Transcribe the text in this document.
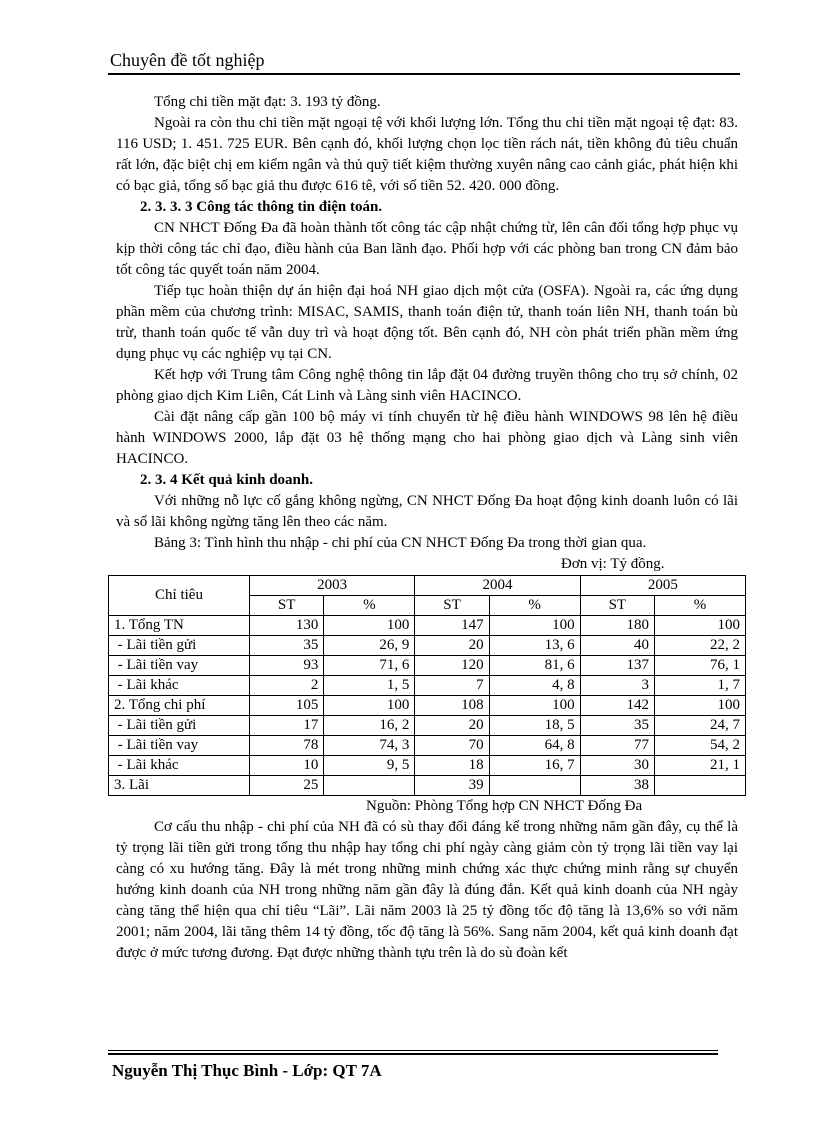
Chuyên đề tốt nghiệp

Tổng chi tiền mặt đạt: 3. 193 tỷ đồng.

Ngoài ra còn thu chi tiền mặt ngoại tệ với khối lượng lớn. Tổng thu chi tiền mặt ngoại tệ đạt: 83. 116 USD; 1. 451. 725 EUR. Bên cạnh đó, khối lượng chọn lọc tiền rách nát, tiền không đủ tiêu chuẩn rất lớn, đặc biệt chị em kiểm ngân và thủ quỹ tiết kiệm thường xuyên nâng cao cảnh giác, phát hiện khi có bạc giả, tổng số bạc giả thu được 616 tê, với số tiền 52. 420. 000 đồng.

2. 3. 3. 3 Công tác thông tin điện toán.

CN NHCT Đống Đa đã hoàn thành tốt công tác cập nhật chứng từ, lên cân đối tổng hợp phục vụ kịp thời công tác chỉ đạo, điều hành của Ban lãnh đạo. Phối hợp với các phòng ban trong CN đảm bảo tốt công tác quyết toán năm 2004.

Tiếp tục hoàn thiện dự án hiện đại hoá NH giao dịch một cửa (OSFA). Ngoài ra, các ứng dụng phần mềm của chương trình: MISAC, SAMIS, thanh toán điện tử, thanh toán liên NH, thanh toán bù trừ, thanh toán quốc tế vẫn duy trì và hoạt động tốt. Bên cạnh đó, NH còn phát triển phần mềm ứng dụng phục vụ các nghiệp vụ tại CN.

Kết hợp với Trung tâm Công nghệ thông tin lắp đặt 04 đường truyền thông cho trụ sở chính, 02 phòng giao dịch Kim Liên, Cát Linh và Làng sinh viên HACINCO.

Cài đặt nâng cấp gần 100 bộ máy vi tính chuyển từ hệ điều hành WINDOWS 98 lên hệ điều hành WINDOWS 2000, lắp đặt 03 hệ thống mạng cho hai phòng giao dịch và Làng sinh viên HACINCO.

2. 3. 4 Kết quả kinh doanh.

Với những nỗ lực cố gắng không ngừng, CN NHCT Đống Đa hoạt động kinh doanh luôn có lãi và số lãi không ngừng tăng lên theo các năm.

Bảng 3: Tình hình thu nhập - chi phí của CN NHCT Đống Đa trong thời gian qua.

Đơn vị: Tỷ đồng.

Chỉ tiêu	2003		2004		2005	
	ST	%	ST	%	ST	%
1. Tổng TN	130	100	147	100	180	100
- Lãi tiền gửi	35	26, 9	20	13, 6	40	22, 2
- Lãi tiền vay	93	71, 6	120	81, 6	137	76, 1
- Lãi khác	2	1, 5	7	4, 8	3	1, 7
2. Tổng chi phí	105	100	108	100	142	100
- Lãi tiền gửi	17	16, 2	20	18, 5	35	24, 7
- Lãi tiền vay	78	74, 3	70	64, 8	77	54, 2
- Lãi khác	10	9, 5	18	16, 7	30	21, 1
3. Lãi	25		39		38	

Nguồn: Phòng Tổng hợp CN NHCT Đống Đa

Cơ cấu thu nhập - chi phí của NH đã có sù thay đổi đáng kể trong những năm gần đây, cụ thể là tỷ trọng lãi tiền gửi trong tổng thu nhập hay tổng chi phí ngày càng giảm còn tỷ trọng lãi tiền vay lại càng có xu hướng tăng. Đây là mét trong những minh chứng xác thực chứng minh rằng sự chuyển hướng kinh doanh của NH trong những năm gần đây là đúng đắn. Kết quả kinh doanh của NH ngày càng tăng thể hiện qua chỉ tiêu “Lãi”. Lãi năm 2003 là 25 tỷ đồng tốc độ tăng là 13,6% so với năm 2001; năm 2004, lãi tăng thêm 14 tỷ đồng, tốc độ tăng là 56%. Sang năm 2004, kết quả kinh doanh đạt được ở mức tương đương. Đạt được những thành tựu trên là do sù đoàn kết

Nguyễn Thị Thục Bình - Lớp: QT 7A
